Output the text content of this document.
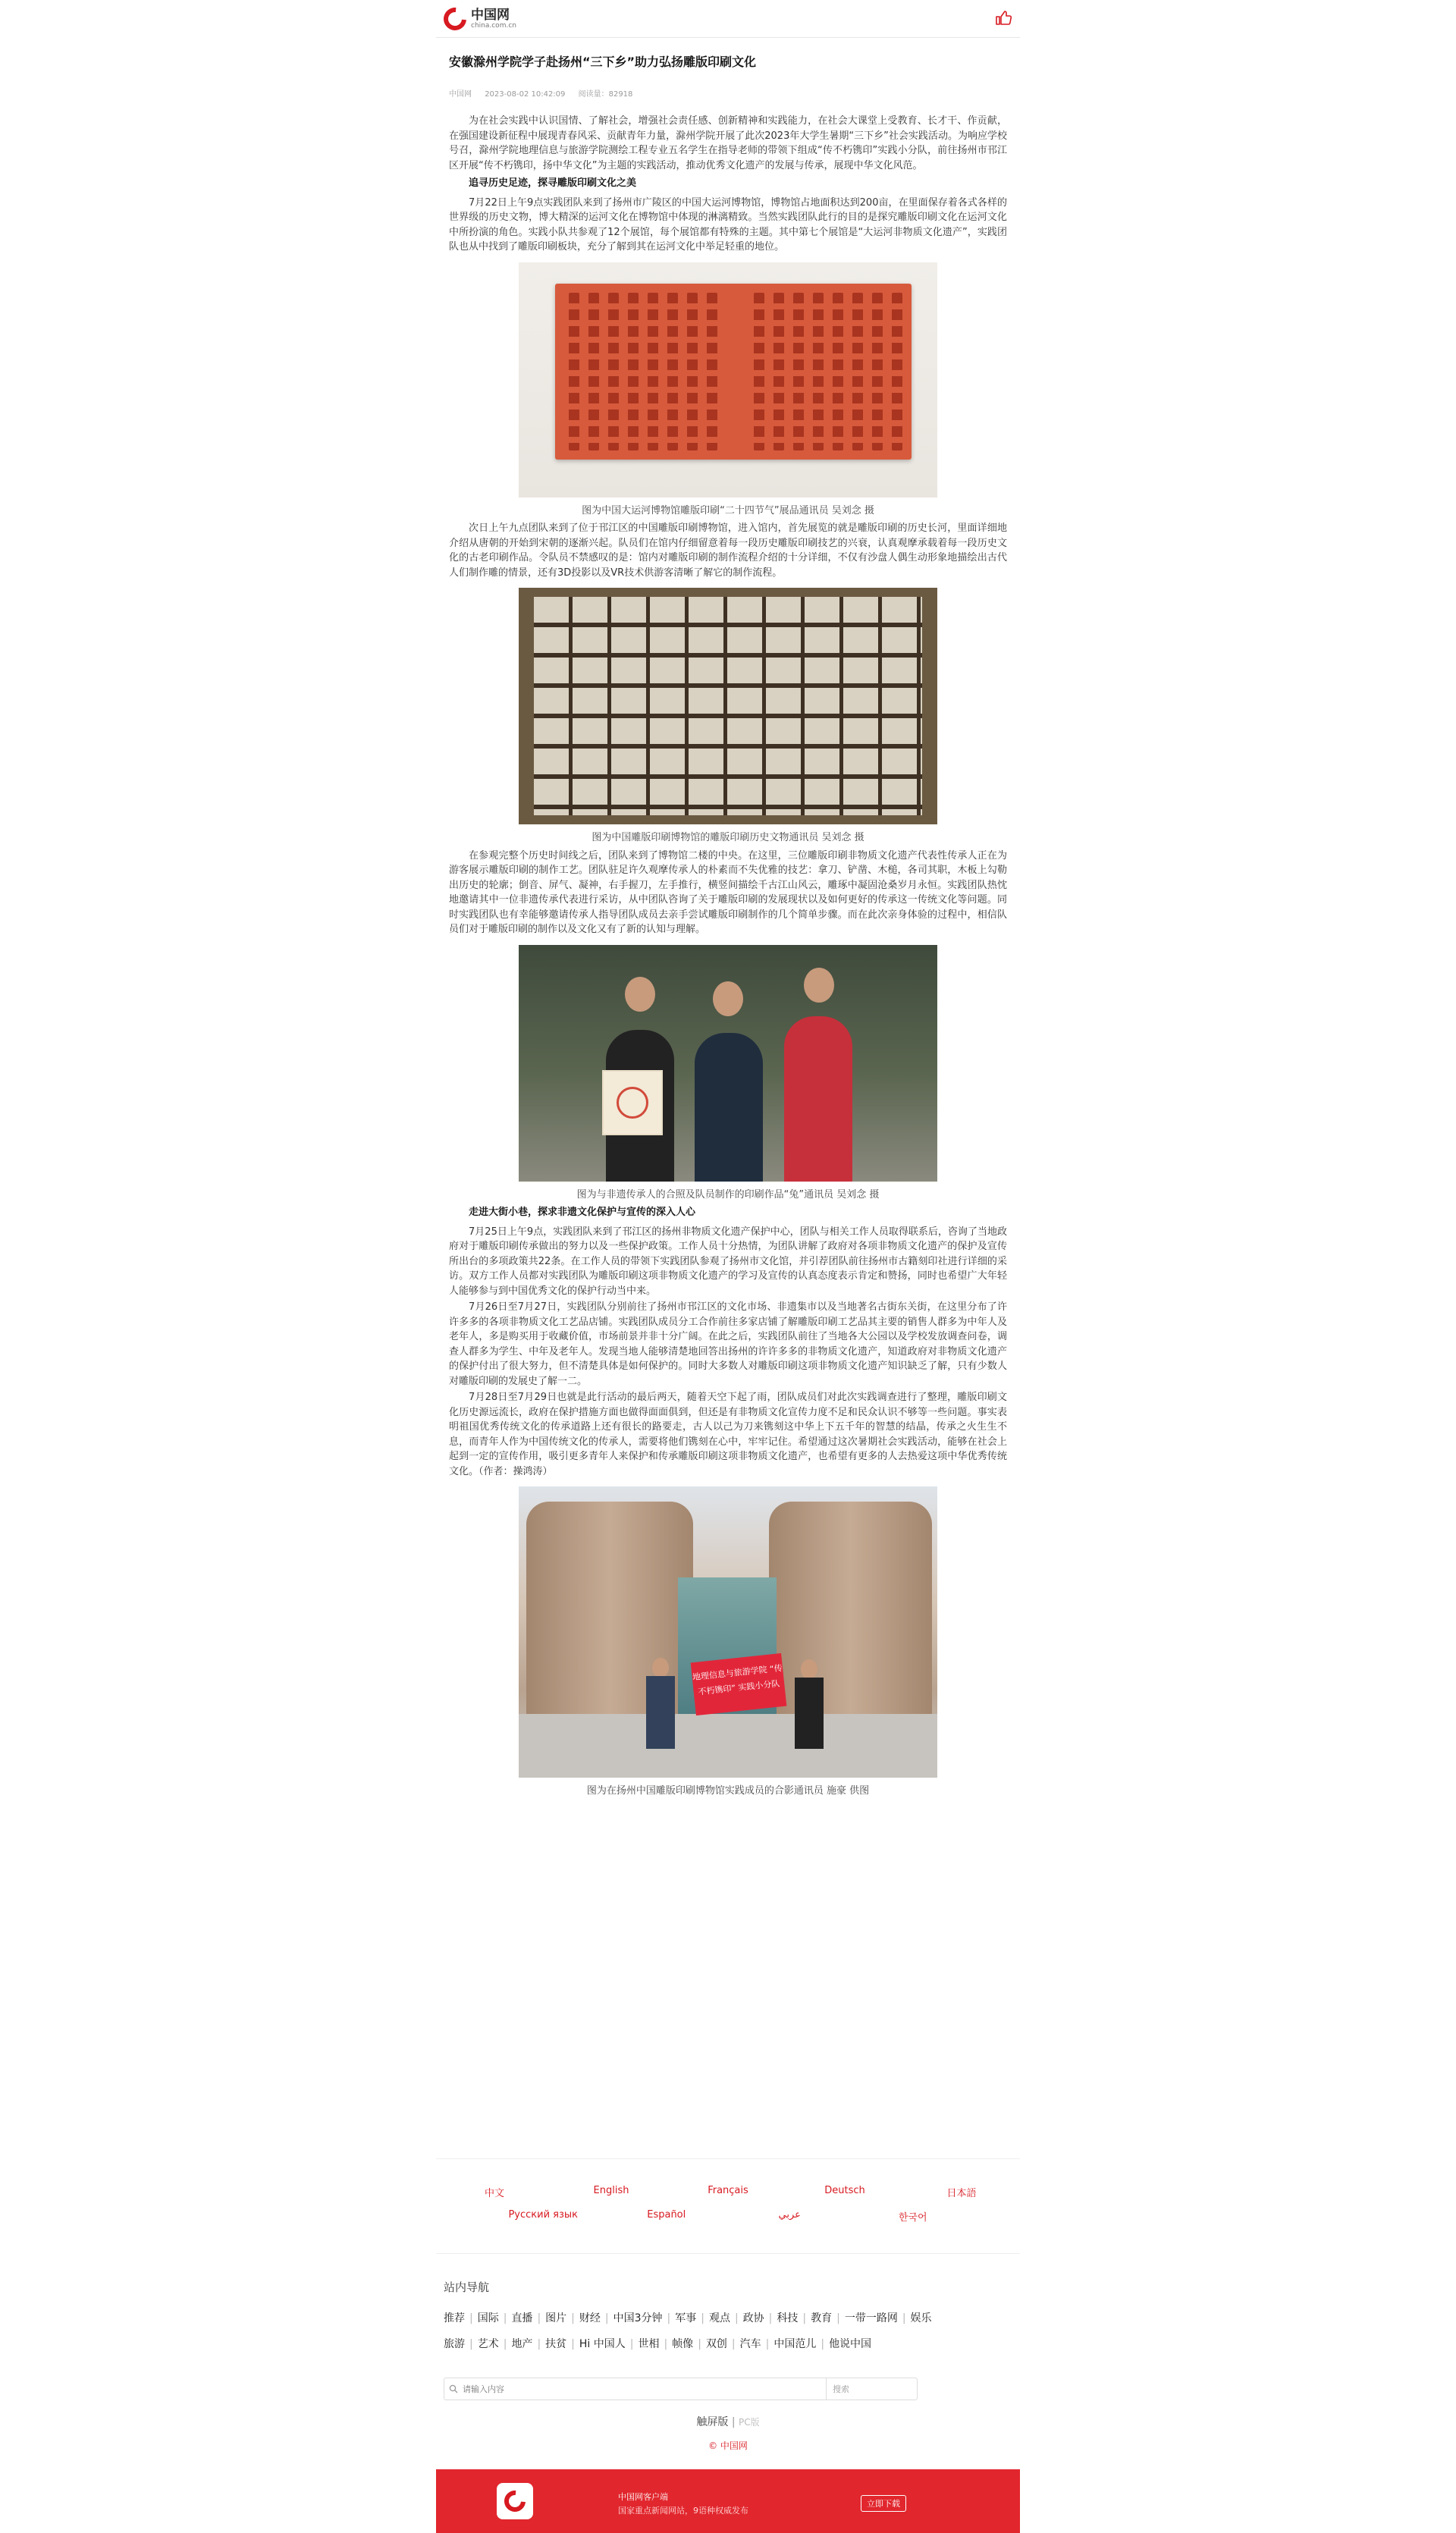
中国网
china.com.cn
安徽滁州学院学子赴扬州“三下乡”助力弘扬雕版印刷文化
中国网 2023-08-02 10:42:09 阅读量：82918

为在社会实践中认识国情、了解社会，增强社会责任感、创新精神和实践能力，在社会大课堂上受教育、长才干、作贡献，在强国建设新征程中展现青春风采、贡献青年力量，滁州学院开展了此次2023年大学生暑期“三下乡”社会实践活动。为响应学校号召，滁州学院地理信息与旅游学院测绘工程专业五名学生在指导老师的带领下组成“传不朽镌印”实践小分队，前往扬州市邗江区开展“传不朽镌印，扬中华文化”为主题的实践活动，推动优秀文化遗产的发展与传承，展现中华文化风范。

追寻历史足迹，探寻雕版印刷文化之美

7月22日上午9点实践团队来到了扬州市广陵区的中国大运河博物馆，博物馆占地面积达到200亩，在里面保存着各式各样的世界级的历史文物，博大精深的运河文化在博物馆中体现的淋漓精致。当然实践团队此行的目的是探究雕版印刷文化在运河文化中所扮演的角色。实践小队共参观了12个展馆，每个展馆都有特殊的主题。其中第七个展馆是“大运河非物质文化遗产”，实践团队也从中找到了雕版印刷板块，充分了解到其在运河文化中举足轻重的地位。

图为中国大运河博物馆雕版印刷“二十四节气”展品通讯员 吴刘念 摄

次日上午九点团队来到了位于邗江区的中国雕版印刷博物馆，进入馆内，首先展览的就是雕版印刷的历史长河，里面详细地介绍从唐朝的开始到宋朝的逐渐兴起。队员们在馆内仔细留意着每一段历史雕版印刷技艺的兴衰，认真观摩承载着每一段历史文化的古老印刷作品。令队员不禁感叹的是：馆内对雕版印刷的制作流程介绍的十分详细，不仅有沙盘人偶生动形象地描绘出古代人们制作雕的情景，还有3D投影以及VR技术供游客清晰了解它的制作流程。

图为中国雕版印刷博物馆的雕版印刷历史文物通讯员 吴刘念 摄

在参观完整个历史时间线之后，团队来到了博物馆二楼的中央。在这里，三位雕版印刷非物质文化遗产代表性传承人正在为游客展示雕版印刷的制作工艺。团队驻足许久观摩传承人的朴素而不失优雅的技艺：拿刀、铲凿、木槌，各司其职，木板上勾勒出历史的轮廓；倒音、屏气、凝神，右手握刀，左手推行，横竖间描绘千古江山风云，雕琢中凝固沧桑岁月永恒。实践团队热忱地邀请其中一位非遗传承代表进行采访，从中团队咨询了关于雕版印刷的发展现状以及如何更好的传承这一传统文化等问题。同时实践团队也有幸能够邀请传承人指导团队成员去亲手尝试雕版印刷制作的几个简单步骤。而在此次亲身体验的过程中，相信队员们对于雕版印刷的制作以及文化又有了新的认知与理解。

图为与非遗传承人的合照及队员制作的印刷作品“兔”通讯员 吴刘念 摄

走进大街小巷，探求非遗文化保护与宣传的深入人心

7月25日上午9点，实践团队来到了邗江区的扬州非物质文化遗产保护中心，团队与相关工作人员取得联系后，咨询了当地政府对于雕版印刷传承做出的努力以及一些保护政策。工作人员十分热情，为团队讲解了政府对各项非物质文化遗产的保护及宣传所出台的多项政策共22条。在工作人员的带领下实践团队参观了扬州市文化馆，并引荐团队前往扬州市古籍刻印社进行详细的采访。双方工作人员都对实践团队为雕版印刷这项非物质文化遗产的学习及宣传的认真态度表示肯定和赞扬，同时也希望广大年轻人能够参与到中国优秀文化的保护行动当中来。

7月26日至7月27日，实践团队分别前往了扬州市邗江区的文化市场、非遗集市以及当地著名古街东关街，在这里分布了许许多多的各项非物质文化工艺品店铺。实践团队成员分工合作前往多家店铺了解雕版印刷工艺品其主要的销售人群多为中年人及老年人，多是购买用于收藏价值，市场前景并非十分广阔。在此之后，实践团队前往了当地各大公园以及学校发放调查问卷，调查人群多为学生、中年及老年人。发现当地人能够清楚地回答出扬州的许许多多的非物质文化遗产，知道政府对非物质文化遗产的保护付出了很大努力，但不清楚具体是如何保护的。同时大多数人对雕版印刷这项非物质文化遗产知识缺乏了解，只有少数人对雕版印刷的发展史了解一二。

7月28日至7月29日也就是此行活动的最后两天，随着天空下起了雨，团队成员们对此次实践调查进行了整理，雕版印刷文化历史源远流长，政府在保护措施方面也做得面面俱到，但还是有非物质文化宣传力度不足和民众认识不够等一些问题。事实表明祖国优秀传统文化的传承道路上还有很长的路要走，古人以己为刀来镌刻这中华上下五千年的智慧的结晶，传承之火生生不息，而青年人作为中国传统文化的传承人，需要将他们镌刻在心中，牢牢记住。希望通过这次暑期社会实践活动，能够在社会上起到一定的宣传作用，吸引更多青年人来保护和传承雕版印刷这项非物质文化遗产，也希望有更多的人去热爱这项中华优秀传统文化。（作者：操鸿涛）

地理信息与旅游学院 “传不朽镌印” 实践小分队

图为在扬州中国雕版印刷博物馆实践成员的合影通讯员 施豪 供图

中文	English	Français	Deutsch	日本語
Русский язык	Español	عربي	한국어
站内导航
推荐 | 国际 | 直播 | 图片 | 财经 | 中国3分钟 | 军事 | 观点 | 政协 | 科技 | 教育 | 一带一路网 | 娱乐
旅游 | 艺术 | 地产 | 扶贫 | Hi 中国人 | 世相 | 帧像 | 双创 | 汽车 | 中国范儿 | 他说中国
请输入内容
搜索
触屏版 | PC版
© 中国网
中国网客户端
国家重点新闻网站，9语种权威发布
立即下载
